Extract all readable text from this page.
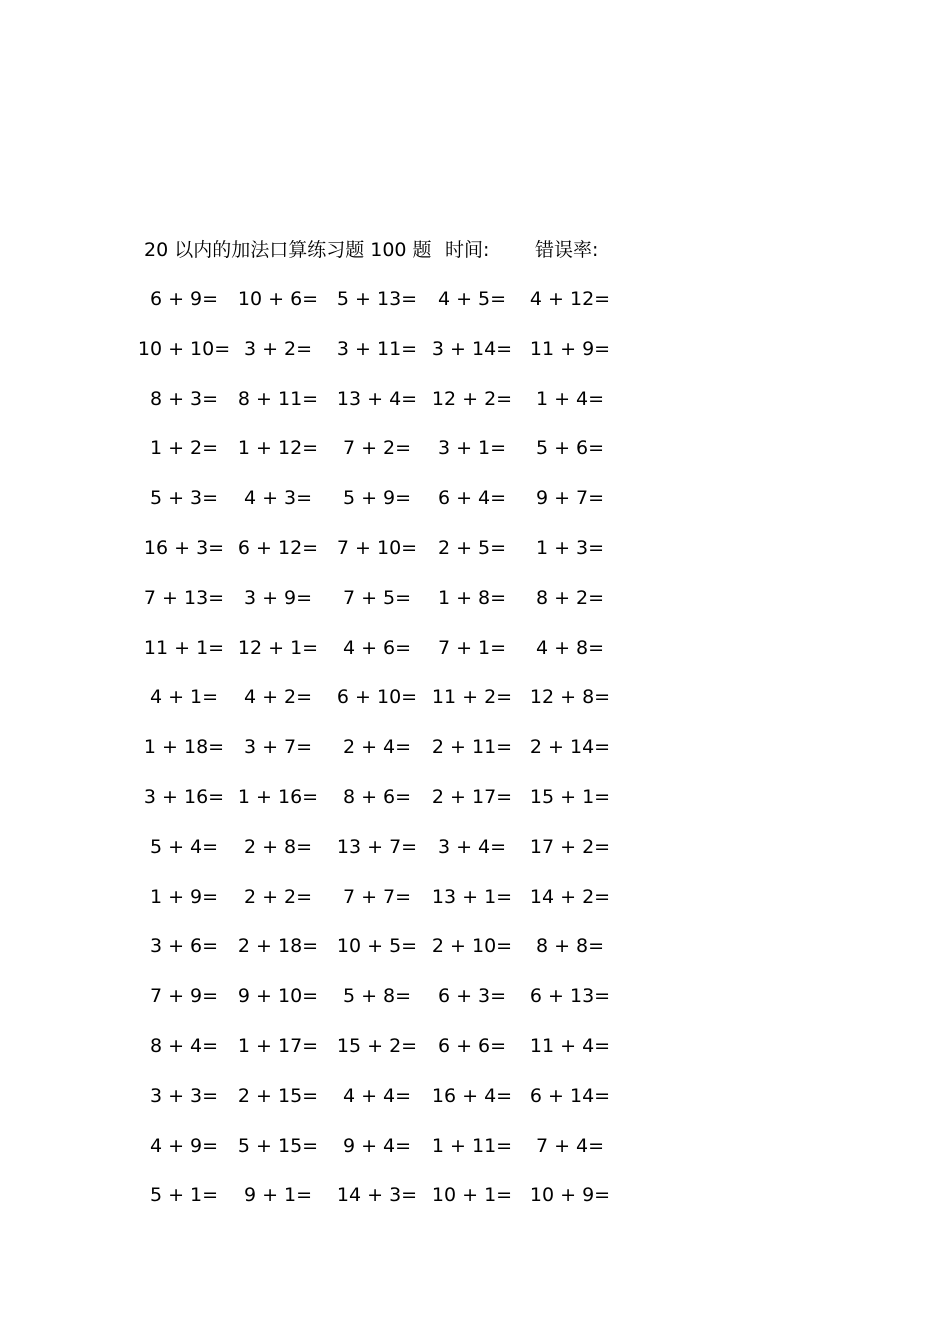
20 以内的加法口算练习题 100 题 时间: 错误率:
6 + 9= 10 + 6= 5 + 13= 4 + 5= 4 + 12=
10 + 10= 3 + 2= 3 + 11= 3 + 14= 11 + 9=
8 + 3= 8 + 11= 13 + 4= 12 + 2= 1 + 4=
1 + 2= 1 + 12= 7 + 2= 3 + 1= 5 + 6=
5 + 3= 4 + 3= 5 + 9= 6 + 4= 9 + 7=
16 + 3= 6 + 12= 7 + 10= 2 + 5= 1 + 3=
7 + 13= 3 + 9= 7 + 5= 1 + 8= 8 + 2=
11 + 1= 12 + 1= 4 + 6= 7 + 1= 4 + 8=
4 + 1= 4 + 2= 6 + 10= 11 + 2= 12 + 8=
1 + 18= 3 + 7= 2 + 4= 2 + 11= 2 + 14=
3 + 16= 1 + 16= 8 + 6= 2 + 17= 15 + 1=
5 + 4= 2 + 8= 13 + 7= 3 + 4= 17 + 2=
1 + 9= 2 + 2= 7 + 7= 13 + 1= 14 + 2=
3 + 6= 2 + 18= 10 + 5= 2 + 10= 8 + 8=
7 + 9= 9 + 10= 5 + 8= 6 + 3= 6 + 13=
8 + 4= 1 + 17= 15 + 2= 6 + 6= 11 + 4=
3 + 3= 2 + 15= 4 + 4= 16 + 4= 6 + 14=
4 + 9= 5 + 15= 9 + 4= 1 + 11= 7 + 4=
5 + 1= 9 + 1= 14 + 3= 10 + 1= 10 + 9=
